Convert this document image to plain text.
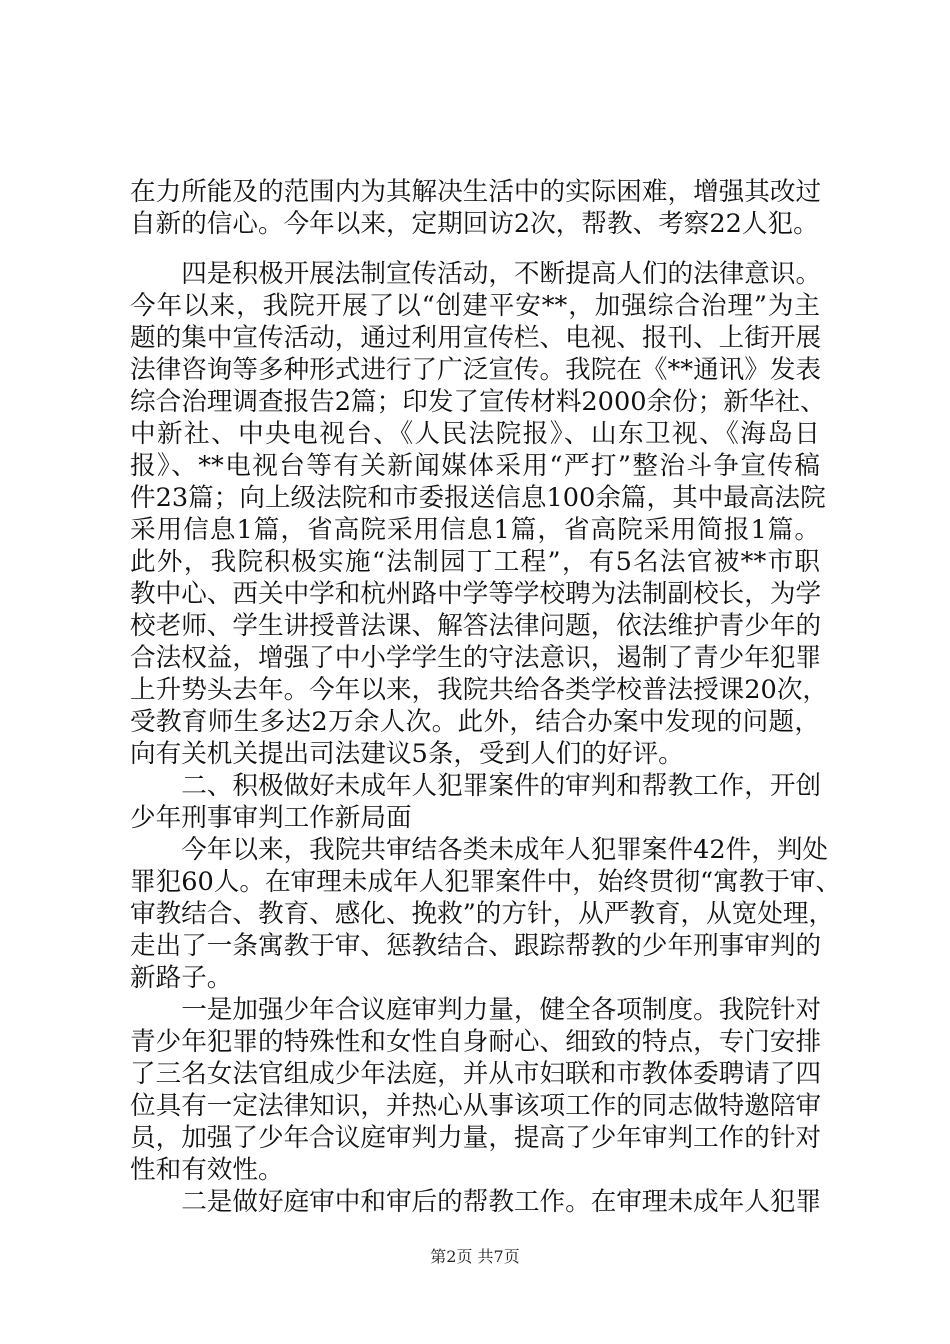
在力所能及的范围内为其解决生活中的实际困难，增强其改过
自新的信心。今年以来，定期回访2次，帮教、考察22人犯。
　　四是积极开展法制宣传活动，不断提高人们的法律意识。
今年以来，我院开展了以“创建平安**，加强综合治理”为主
题的集中宣传活动，通过利用宣传栏、电视、报刊、上街开展
法律咨询等多种形式进行了广泛宣传。我院在《**通讯》发表
综合治理调查报告2篇；印发了宣传材料2000余份；新华社、
中新社、中央电视台、《人民法院报》、山东卫视、《海岛日
报》、**电视台等有关新闻媒体采用“严打”整治斗争宣传稿
件23篇；向上级法院和市委报送信息100余篇，其中最高法院
采用信息1篇，省高院采用信息1篇，省高院采用简报1篇。
此外，我院积极实施“法制园丁工程”，有5名法官被**市职
教中心、西关中学和杭州路中学等学校聘为法制副校长，为学
校老师、学生讲授普法课、解答法律问题，依法维护青少年的
合法权益，增强了中小学学生的守法意识，遏制了青少年犯罪
上升势头去年。今年以来，我院共给各类学校普法授课20次，
受教育师生多达2万余人次。此外，结合办案中发现的问题，
向有关机关提出司法建议5条，受到人们的好评。
　　二、积极做好未成年人犯罪案件的审判和帮教工作，开创
少年刑事审判工作新局面
　　今年以来，我院共审结各类未成年人犯罪案件42件，判处
罪犯60人。在审理未成年人犯罪案件中，始终贯彻“寓教于审、
审教结合、教育、感化、挽救”的方针，从严教育，从宽处理，
走出了一条寓教于审、惩教结合、跟踪帮教的少年刑事审判的
新路子。
　　一是加强少年合议庭审判力量，健全各项制度。我院针对
青少年犯罪的特殊性和女性自身耐心、细致的特点，专门安排
了三名女法官组成少年法庭，并从市妇联和市教体委聘请了四
位具有一定法律知识，并热心从事该项工作的同志做特邀陪审
员，加强了少年合议庭审判力量，提高了少年审判工作的针对
性和有效性。
　　二是做好庭审中和审后的帮教工作。在审理未成年人犯罪
第2页 共7页
